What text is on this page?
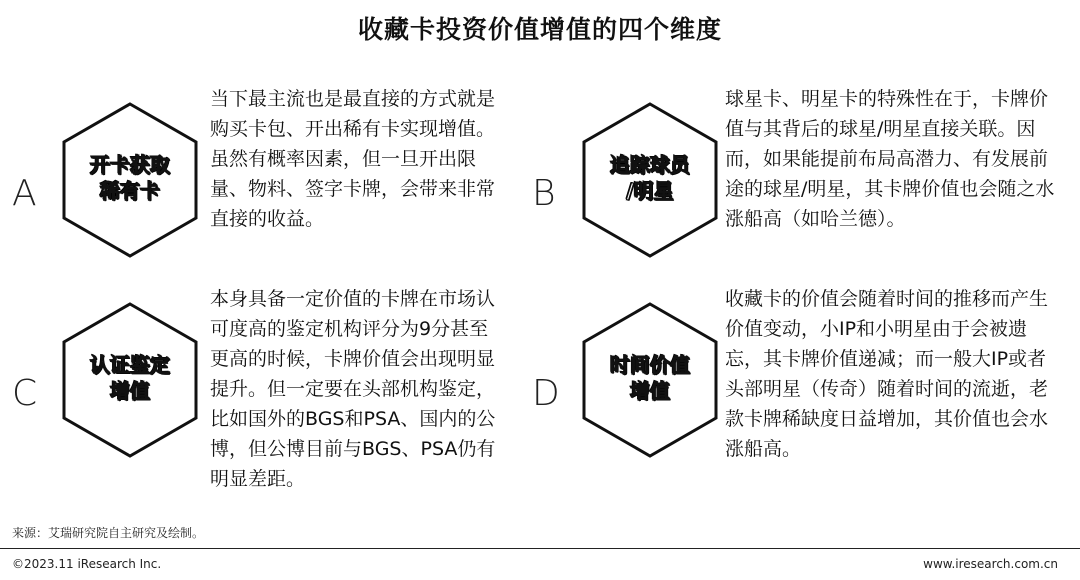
收藏卡投资价值增值的四个维度
开卡获取
稀有卡
A
当下最主流也是最直接的方式就是购买卡包、开出稀有卡实现增值。虽然有概率因素，但一旦开出限量、物料、签字卡牌，会带来非常直接的收益。
追踪球员
/明星
B
球星卡、明星卡的特殊性在于，卡牌价值与其背后的球星/明星直接关联。因而，如果能提前布局高潜力、有发展前途的球星/明星，其卡牌价值也会随之水涨船高（如哈兰德）。
认证鉴定
增值
C
本身具备一定价值的卡牌在市场认可度高的鉴定机构评分为9分甚至更高的时候，卡牌价值会出现明显提升。但一定要在头部机构鉴定，比如国外的BGS和PSA、国内的公博，但公博目前与BGS、PSA仍有明显差距。
时间价值
增值
D
收藏卡的价值会随着时间的推移而产生价值变动，小IP和小明星由于会被遗忘，其卡牌价值递减；而一般大IP或者头部明星（传奇）随着时间的流逝，老款卡牌稀缺度日益增加，其价值也会水涨船高。
来源：艾瑞研究院自主研究及绘制。
©2023.11 iResearch Inc.	www.iresearch.com.cn
